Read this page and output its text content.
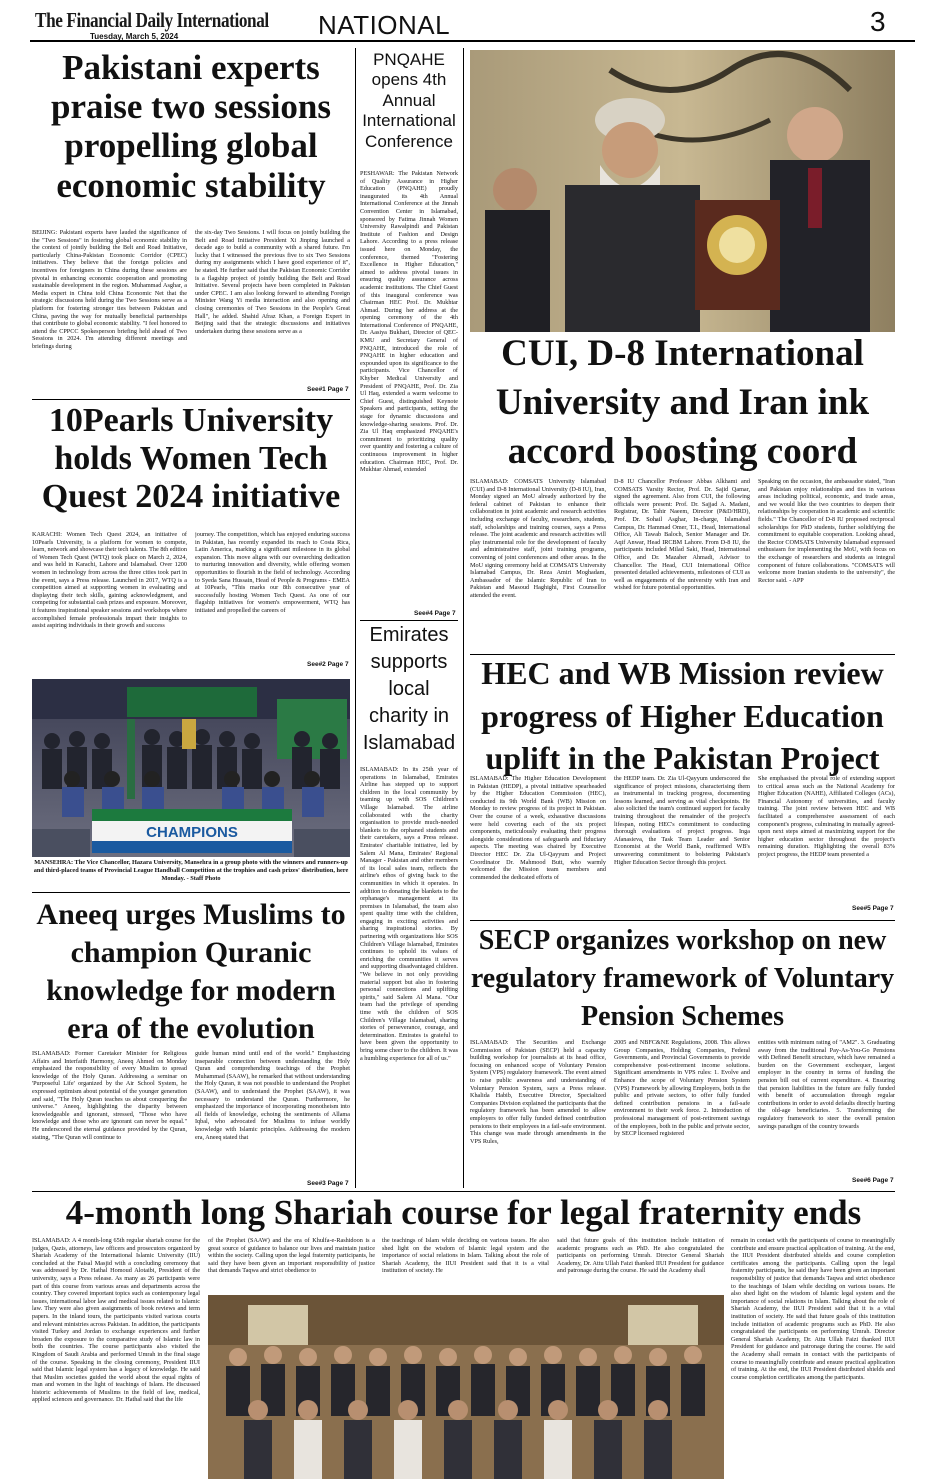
The Financial Daily International
Tuesday, March 5, 2024	NATIONAL	3
Pakistani experts praise two sessions propelling global economic stability
BEIJING: Pakistani experts have lauded the significance of the "Two Sessions" in fostering global economic stability in the context of jointly building the Belt and Road Initiative, particularly China-Pakistan Economic Corridor (CPEC) initiatives. They believe that the foreign policies and incentives for foreigners in China during these sessions are pivotal in enhancing economic cooperation and promoting sustainable development in the region. Muhammad Asghar, a Media expert in China told China Economic Net that the strategic discussions held during the Two Sessions serve as a platform for fostering stronger ties between Pakistan and China, paving the way for mutually beneficial partnerships that contribute to global economic stability. "I feel honored to attend the CPPCC Spokesperson briefing held ahead of Two Sessions in 2024. I'm attending different meetings and briefings during
the six-day Two Sessions. I will focus on jointly building the Belt and Road Initiative President Xi Jinping launched a decade ago to build a community with a shared future. I'm lucky that I witnessed the previous five to six Two Sessions during my assignments which I have good experience of it", he stated. He further said that the Pakistan Economic Corridor is a flagship project of jointly building the Belt and Road Initiative. Several projects have been completed in Pakistan under CPEC. I am also looking forward to attending Foreign Minister Wang Yi media interaction and also opening and closing ceremonies of Two Sessions in the People's Great Hall", he added. Shahid Afraz Khan, a Foreign Expert in Beijing said that the strategic discussions and initiatives undertaken during these sessions serve as a
See#1 Page 7
10Pearls University holds Women Tech Quest 2024 initiative
KARACHI: Women Tech Quest 2024, an initiative of 10Pearls University, is a platform for women to compete, learn, network and showcase their tech talents. The 8th edition of Women Tech Quest (WTQ) took place on March 2, 2024, and was held in Karachi, Lahore and Islamabad. Over 1200 women in technology from across the three cities took part in the event, says a Press release. Launched in 2017, WTQ is a competition aimed at supporting women in evaluating and displaying their tech skills, gaining acknowledgment, and competing for substantial cash prizes and exposure. Moreover, it features inspirational speaker sessions and workshops where accomplished female professionals impart their insights to assist aspiring individuals in their growth and success
journey. The competition, which has enjoyed enduring success in Pakistan, has recently expanded its reach to Costa Rica, Latin America, marking a significant milestone in its global expansion. This move aligns with our overarching dedication to nurturing innovation and diversity, while offering women opportunities to flourish in the field of technology. According to Syeda Sana Hussain, Head of People & Programs - EMEA at 10Pearls, "This marks our 8th consecutive year of successfully hosting Women Tech Quest. As one of our flagship initiatives for women's empowerment, WTQ has initiated and propelled the careers of
See#2 Page 7
CHAMPIONS
MANSEHRA: The Vice Chancellor, Hazara University, Mansehra in a group photo with the winners and runners-up and third-placed teams of Provincial League Handball Competition at the trophies and cash prizes' distribution, here Monday. - Staff Photo
Aneeq urges Muslims to champion Quranic knowledge for modern era of the evolution
ISLAMABAD: Former Caretaker Minister for Religious Affairs and Interfaith Harmony, Aneeq Ahmed on Monday emphasized the responsibility of every Muslim to spread knowledge of the Holy Quran. Addressing a seminar on 'Purposeful Life' organized by the Air School System, he expressed optimism about potential of the younger generation and said, "The Holy Quran teaches us about conquering the universe." Aneeq, highlighting the disparity between knowledgeable and ignorant, stressed, "Those who have knowledge and those who are ignorant can never be equal." He underscored the eternal guidance provided by the Quran, stating, "The Quran will continue to
guide human mind until end of the world." Emphasizing inseparable connection between understanding the Holy Quran and comprehending teachings of the Prophet Muhammad (SAAW), he remarked that without understanding the Holy Quran, it was not possible to understand the Prophet (SAAW), and to understand the Prophet (SAAW), it was necessary to understand the Quran. Furthermore, he emphasized the importance of incorporating monotheism into all fields of knowledge, echoing the sentiments of Allama Iqbal, who advocated for Muslims to infuse worldly knowledge with Islamic principles. Addressing the modern era, Aneeq stated that
See#3 Page 7
PNQAHE opens 4th Annual International Conference
PESHAWAR: The Pakistan Network of Quality Assurance in Higher Education (PNQAHE) proudly inaugurated its 4th Annual International Conference at the Jinnah Convention Center in Islamabad, sponsored by Fatima Jinnah Women University Rawalpindi and Pakistan Institute of Fashion and Design Lahore. According to a press release issued here on Monday, the conference, themed "Fostering Excellence in Higher Education," aimed to address pivotal issues in ensuring quality assurance across academic institutions. The Chief Guest of this inaugural conference was Chairman HEC Prof. Dr. Mukhtar Ahmad. During her address at the opening ceremony of the 4th International Conference of PNQAHE, Dr. Aasiya Bukhari, Director of QEC-KMU and Secretary General of PNQAHE, introduced the role of PNQAHE in higher education and expounded upon its significance to the participants. Vice Chancellor of Khyber Medical University and President of PNQAHE, Prof. Dr. Zia Ul Haq, extended a warm welcome to Chief Guest, distinguished Keynote Speakers and participants, setting the stage for dynamic discussions and knowledge-sharing sessions. Prof. Dr. Zia Ul Haq emphasized PNQAHE's commitment to prioritizing quality over quantity and fostering a culture of continuous improvement in higher education. Chairman HEC, Prof. Dr. Mukhtar Ahmad, extended
See#4 Page 7
Emirates supports local charity in Islamabad
ISLAMABAD: In its 25th year of operations in Islamabad, Emirates Airline has stepped up to support children in the local community by teaming up with SOS Children's Village Islamabad. The airline collaborated with the charity organisation to provide much-needed blankets to the orphaned students and their caretakers, says a Press release. Emirates' charitable initiative, led by Salem Al Mana, Emirates' Regional Manager - Pakistan and other members of its local sales team, reflects the airline's ethos of giving back to the communities in which it operates. In addition to donating the blankets to the orphanage's management at its premises in Islamabad, the team also spent quality time with the children, engaging in exciting activities and sharing inspirational stories. By partnering with organizations like SOS Children's Village Islamabad, Emirates continues to uphold its values of enriching the communities it serves and supporting disadvantaged children. "We believe in not only providing material support but also in fostering personal connections and uplifting spirits," said Salem Al Mana. "Our team had the privilege of spending time with the children of SOS Children's Village Islamabad, sharing stories of perseverance, courage, and determination. Emirates is grateful to have been given the opportunity to bring some cheer to the children. It was a humbling experience for all of us."
CUI, D-8 International University and Iran ink accord boosting coord
ISLAMABAD: COMSATS University Islamabad (CUI) and D-8 International University (D-8 IU), Iran, Monday signed an MoU already authorized by the federal cabinet of Pakistan to enhance their collaboration in joint academic and research activities including exchange of faculty, researchers, students, staff, scholarships and training courses, says a Press release. The joint academic and research activities will play instrumental role for the development of faculty and administrative staff, joint training programs, convening of joint conferences and other areas. In the MoU signing ceremony held at COMSATS University Islamabad Campus, Dr. Reza Amiri Moghadam, Ambassador of the Islamic Republic of Iran to Pakistan and Masoud Haghighi, First Counsellor attended the event.
D-8 IU Chancellor Professor Abbas Alkhami and COMSATS Varsity Rector, Prof. Dr. Sajid Qamar, signed the agreement. Also from CUI, the following officials were present: Prof. Dr. Sajjad A. Madani, Registrar, Dr. Tahir Naeem, Director (P&D/HRD), Prof. Dr. Sohail Asghar, In-charge, Islamabad Campus, Dr. Hammad Omer, T.I., Head, International Office, Ali Tawab Baloch, Senior Manager and Dr. Aqif Anwar, Head IRCBM Lahore. From D-8 IU, the participants included Milad Saki, Head, International Office, and Dr. Mazaher Ahmadi, Advisor to Chancellor. The Head, CUI International Office presented detailed achievements, milestones of CUI as well as engagements of the university with Iran and wished for future potential opportunities.
Speaking on the occasion, the ambassador stated, "Iran and Pakistan enjoy relationships and ties in various areas including political, economic, and trade areas, and we would like the two countries to deepen their relationships by cooperation in academic and scientific fields." The Chancellor of D-8 IU proposed reciprocal scholarships for PhD students, further solidifying the commitment to equitable cooperation. Looking ahead, the Rector COMSATS University Islamabad expressed enthusiasm for implementing the MoU, with focus on the exchange of researchers and students as integral component of future collaborations. "COMSATS will welcome more Iranian students to the university", the Rector said. - APP
HEC and WB Mission review progress of Higher Education uplift in the Pakistan Project
ISLAMABAD: The Higher Education Development in Pakistan (HEDP), a pivotal initiative spearheaded by the Higher Education Commission (HEC), conducted its 9th World Bank (WB) Mission on Monday to review progress of its project in Pakistan. Over the course of a week, exhaustive discussions were held covering each of the six project components, meticulously evaluating their progress alongside considerations of safeguards and fiduciary aspects. The meeting was chaired by Executive Director HEC Dr. Zia Ul-Qayyum and Project Coordinator Dr. Mahmood Butt, who warmly welcomed the Mission team members and commended the dedicated efforts of
the HEDP team. Dr. Zia Ul-Qayyum underscored the significance of project missions, characterising them as instrumental in tracking progress, documenting lessons learned, and serving as vital checkpoints. He also solicited the team's continued support for faculty training throughout the remainder of the project's lifespan, noting HEC's commitment to conducting thorough evaluations of project progress. Inga Afanasieva, the Task Team Leader and Senior Economist at the World Bank, reaffirmed WB's unwavering commitment to bolstering Pakistan's Higher Education Sector through this project.
She emphasised the pivotal role of extending support to critical areas such as the National Academy for Higher Education (NAHE), Affiliated Colleges (ACs), Financial Autonomy of universities, and faculty training. The joint review between HEC and WB facilitated a comprehensive assessment of each component's progress, culminating in mutually agreed-upon next steps aimed at maximizing support for the higher education sector throughout the project's remaining duration. Highlighting the overall 83% project progress, the HEDP team presented a
See#5 Page 7
SECP organizes workshop on new regulatory framework of Voluntary Pension Schemes
ISLAMABAD: The Securities and Exchange Commission of Pakistan (SECP) held a capacity building workshop for journalists at its head office, focusing on enhanced scope of Voluntary Pension System (VPS) regulatory framework. The event aimed to raise public awareness and understanding of Voluntary Pension System, says a Press release. Khalida Habib, Executive Director, Specialized Companies Division explained the participants that the regulatory framework has been amended to allow employers to offer fully funded defined contribution pensions to their employees in a fail-safe environment. This change was made through amendments in the VPS Rules,
2005 and NBFC&NE Regulations, 2008. This allows Group Companies, Holding Companies, Federal Governments, and Provincial Governments to provide comprehensive post-retirement income solutions. Significant amendments in VPS rules: 1. Evolve and Enhance the scope of Voluntary Pension System (VPS) Framework by allowing Employers, both in the public and private sectors, to offer fully funded defined contribution pensions in a fail-safe environment to their work force. 2. Introduction of professional management of post-retirement savings of the employees, both in the public and private sector, by SECP licensed registered
entities with minimum rating of "AM2". 3. Graduating away from the traditional Pay-As-You-Go Pensions with Defined Benefit structure, which have remained a burden on the Government exchequer, largest employer in the country in terms of funding the pension bill out of current expenditure. 4. Ensuring that pension liabilities in the future are fully funded with benefit of accumulation through regular contributions in order to avoid defaults directly hurting the old-age beneficiaries. 5. Transforming the regulatory framework to steer the overall pension savings paradigm of the country towards
See#6 Page 7
4-month long Shariah course for legal fraternity ends
ISLAMABAD: A 4 month-long 65th regular shariah course for the judges, Qazis, attorneys, law officers and prosecutors organized by Shariah Academy of the International Islamic University (IIU) concluded at the Faisal Masjid with a concluding ceremony that was addressed by Dr. Hathal Homoud Alotaibi, President of the university, says a Press release. As many as 26 participants were part of this course from various areas and departments across the country. They covered important topics such as contemporary legal issues, international labor law and medical issues related to Islamic law. They were also given assignments of book reviews and term papers. In the inland tours, the participants visited various courts and relevant ministries across Pakistan. In addition, the participants visited Turkey and Jordan to exchange experiences and further broaden the exposure to the comparative study of Islamic law in both the countries. The course participants also visited the Kingdom of Saudi Arabia and performed Umrah in the final stage of the course. Speaking in the closing ceremony, President IIUI said that Islamic legal system has a legacy of knowledge. He said that Muslim societies guided the world about the equal rights of man and women in the light of teachings of Islam. He discussed historic achievements of Muslims in the field of law, medical, applied sciences and governance. Dr. Hathal said that the life
of the Prophet (SAAW) and the era of Khulfa-e-Rashidoon is a great source of guidance to balance our lives and maintain justice within the society. Calling upon the legal fraternity participants, he said they have been given an important responsibility of justice that demands Taqwa and strict obedience to
the teachings of Islam while deciding on various issues. He also shed light on the wisdom of Islamic legal system and the importance of social relations in Islam. Talking about the role of Shariah Academy, the IIUI President said that it is a vital institution of society. He
said that future goals of this institution include initiation of academic programs such as PhD. He also congratulated the participants on performing Umrah. Director General Shariah Academy, Dr. Attu Ullah Faizi thanked IIUI President for guidance and patronage during the course. He said the Academy shall
remain in contact with the participants of course to meaningfully contribute and ensure practical application of training. At the end, the IIUI President distributed shields and course completion certificates among the participants. Calling upon the legal fraternity participants, he said they have been given an important responsibility of justice that demands Taqwa and strict obedience to the teachings of Islam while deciding on various issues. He also shed light on the wisdom of Islamic legal system and the importance of social relations in Islam. Talking about the role of Shariah Academy, the IIUI President said that it is a vital institution of society. He said that future goals of this institution include initiation of academic programs such as PhD. He also congratulated the participants on performing Umrah. Director General Shariah Academy, Dr. Attu Ullah Faizi thanked IIUI President for guidance and patronage during the course. He said the Academy shall remain in contact with the participants of course to meaningfully contribute and ensure practical application of training. At the end, the IIUI President distributed shields and course completion certificates among the participants.
